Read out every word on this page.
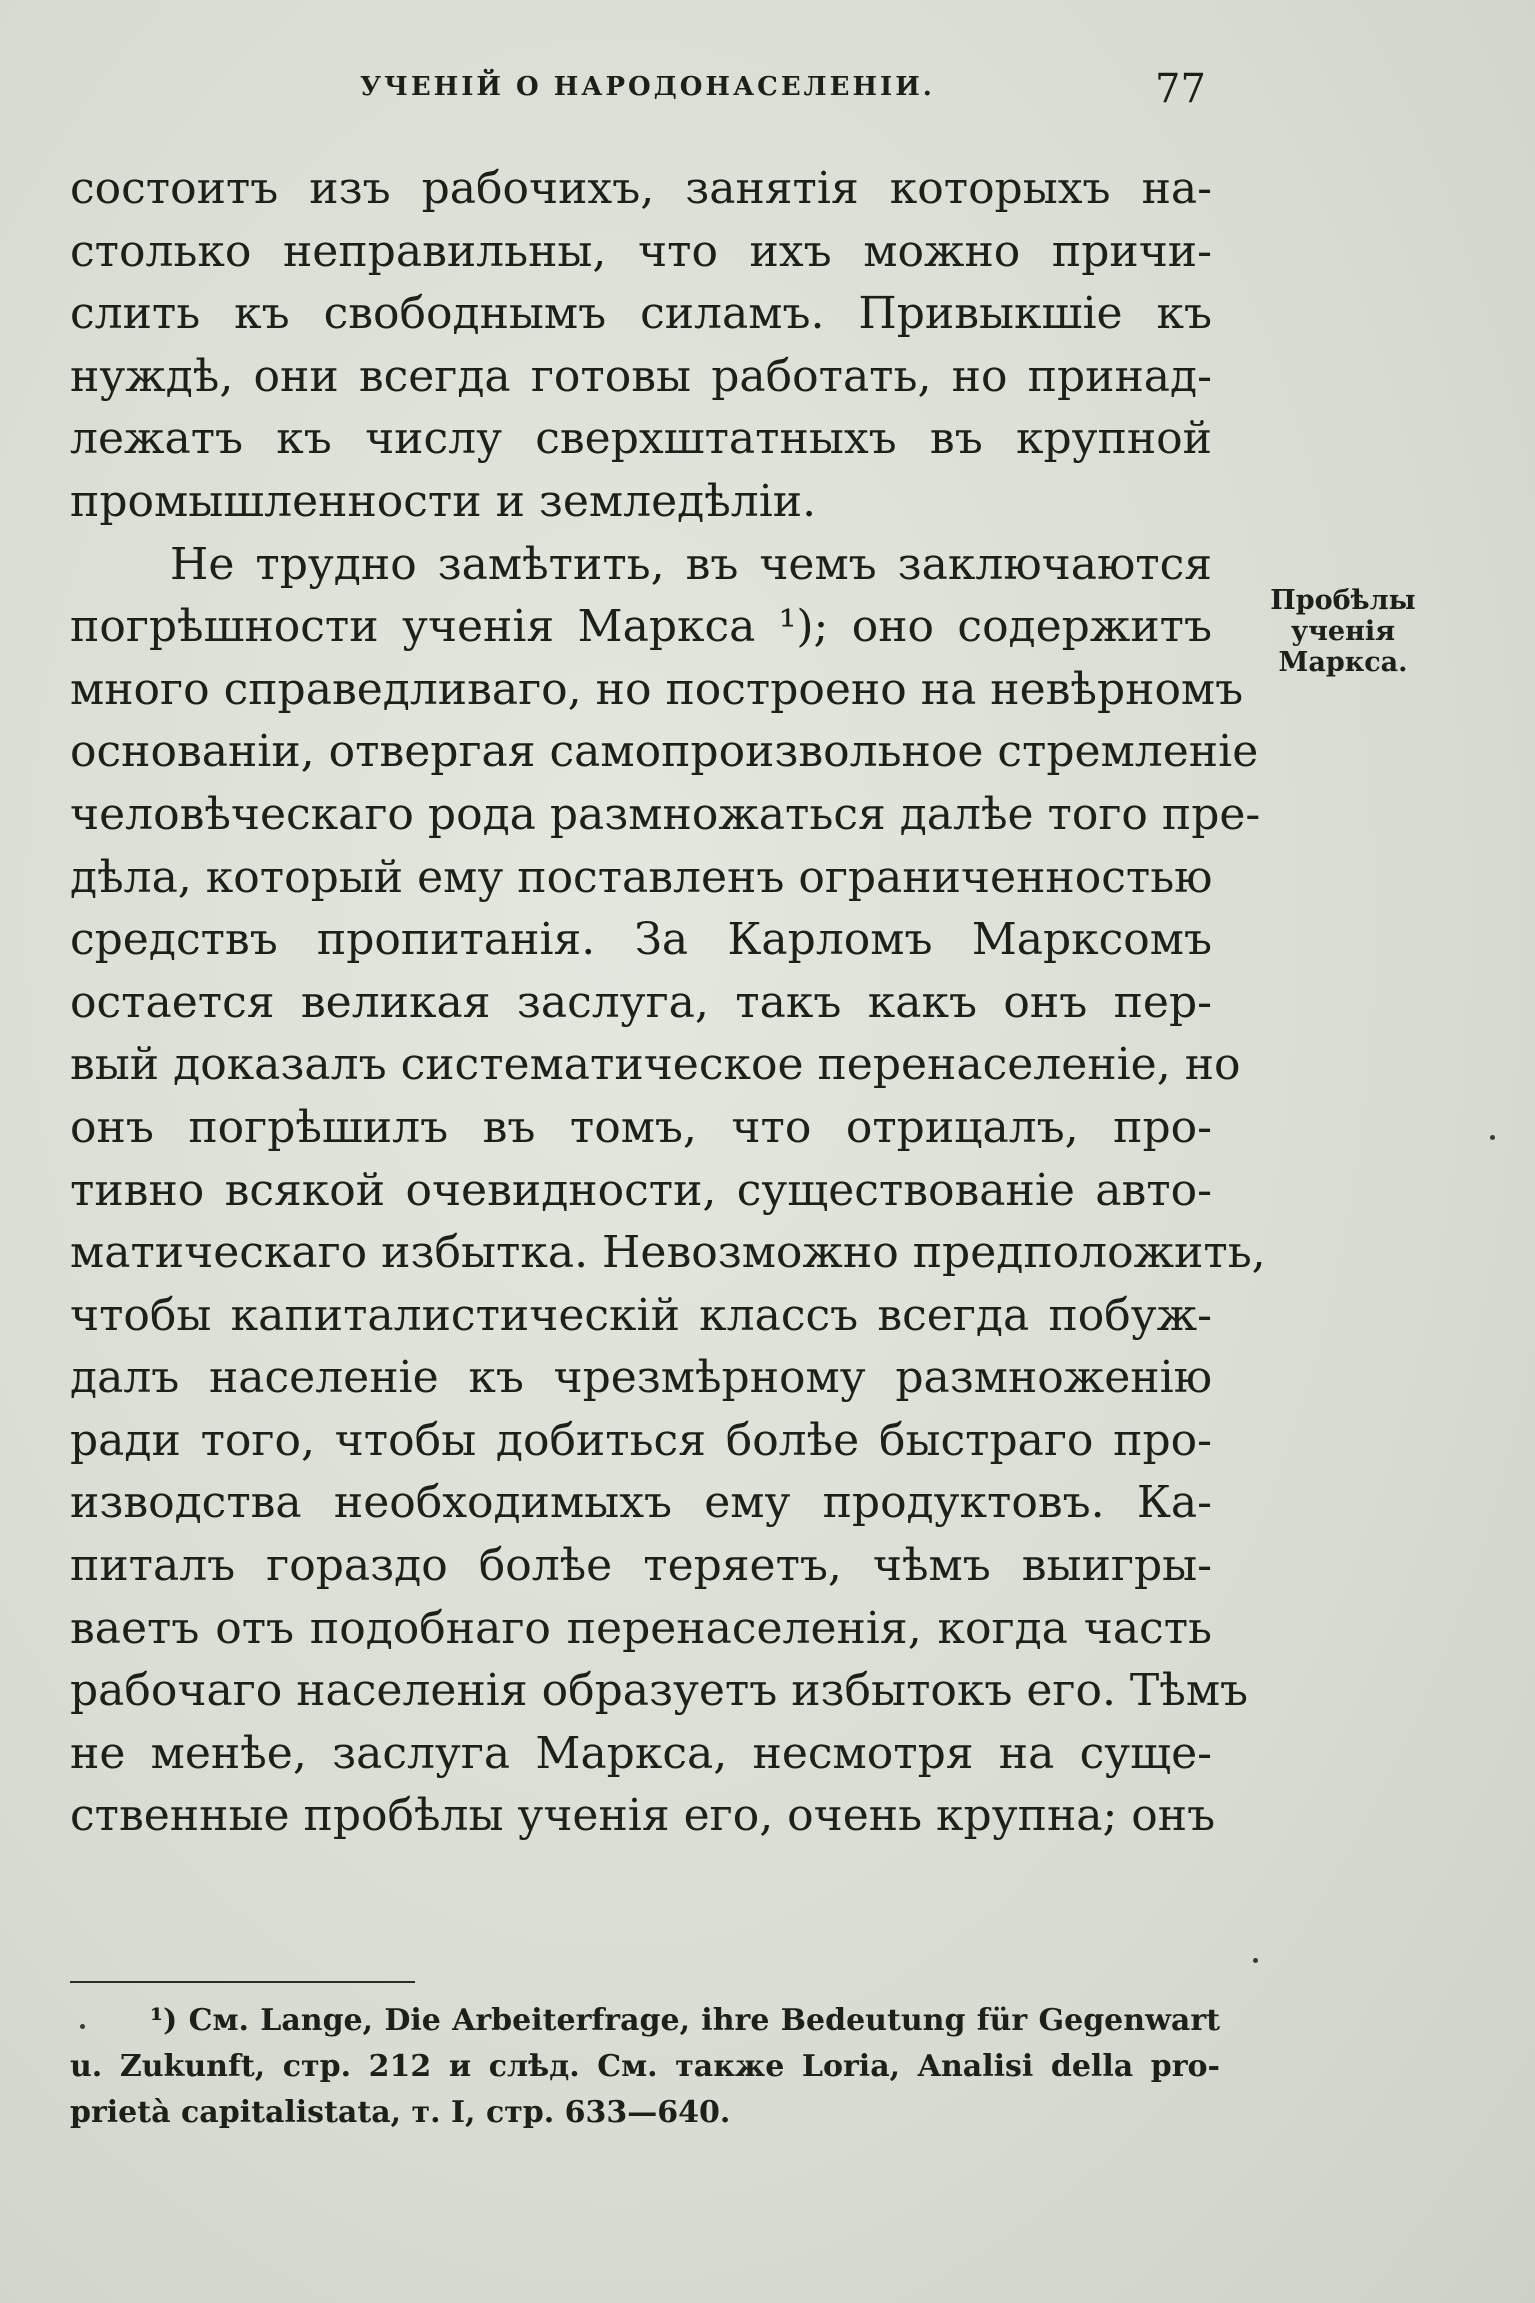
УЧЕНІЙ О НАРОДОНАСЕЛЕНІИ.	77
состоитъ изъ рабочихъ, занятія которыхъ на-
столько неправильны, что ихъ можно причи-
слить къ свободнымъ силамъ. Привыкшіе къ
нуждѣ, они всегда готовы работать, но принад-
лежатъ къ числу сверхштатныхъ въ крупной
промышленности и земледѣліи.
Не трудно замѣтить, въ чемъ заключаются
погрѣшности ученія Маркса ¹); оно содержитъ
много справедливаго, но построено на невѣрномъ
основаніи, отвергая самопроизвольное стремленіе
человѣческаго рода размножаться далѣе того пре-
дѣла, который ему поставленъ ограниченностью
средствъ пропитанія. За Карломъ Марксомъ
остается великая заслуга, такъ какъ онъ пер-
вый доказалъ систематическое перенаселеніе, но
онъ погрѣшилъ въ томъ, что отрицалъ, про-
тивно всякой очевидности, существованіе авто-
матическаго избытка. Невозможно предположить,
чтобы капиталистическій классъ всегда побуж-
далъ населеніе къ чрезмѣрному размноженію
ради того, чтобы добиться болѣе быстраго про-
изводства необходимыхъ ему продуктовъ. Ка-
питалъ гораздо болѣе теряетъ, чѣмъ выигры-
ваетъ отъ подобнаго перенаселенія, когда часть
рабочаго населенія образуетъ избытокъ его. Тѣмъ
не менѣе, заслуга Маркса, несмотря на суще-
ственные пробѣлы ученія его, очень крупна; онъ
Пробѣлы
ученія
Маркса.
¹) См. Lange, Die Arbeiterfrage, ihre Bedeutung für Gegenwart
u. Zukunft, стр. 212 и слѣд. См. также Loria, Analisi della pro-
prietà capitalistata, т. I, стр. 633—640.
